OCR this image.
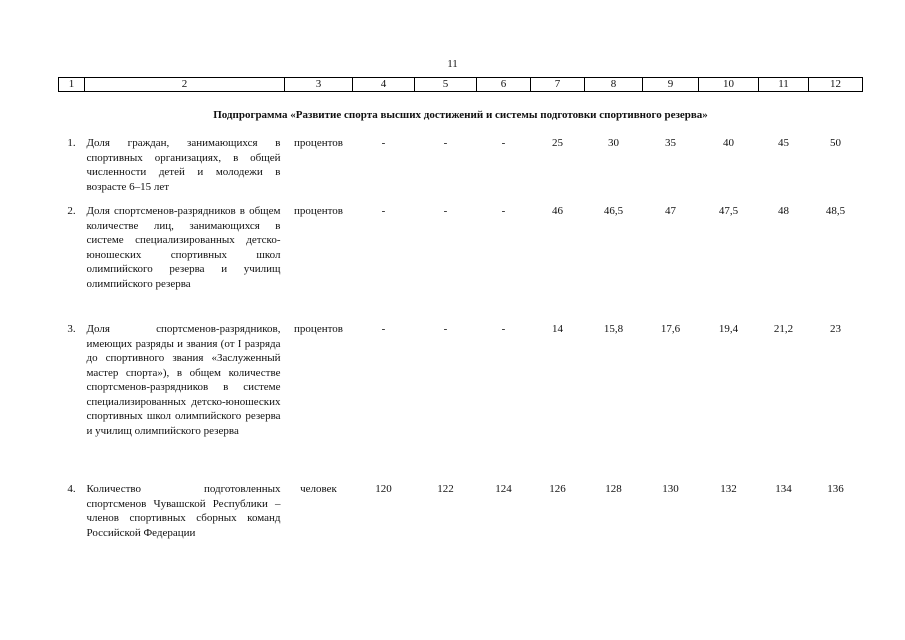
11
1	2	3	4	5	6	7	8	9	10	11	12
Подпрограмма «Развитие спорта высших достижений и системы подготовки спортивного резерва»											
1.	Доля граждан, занимающихся в спортивных организациях, в общей численности детей и молодежи в возрасте 6–15 лет	процентов	-	-	-	25	30	35	40	45	50
2.	Доля спортсменов-разрядников в общем количестве лиц, занимающихся в системе специализированных детско-юношеских спортивных школ олимпийского резерва и училищ олимпийского резерва	процентов	-	-	-	46	46,5	47	47,5	48	48,5
3.	Доля спортсменов-разрядников, имеющих разряды и звания (от I разряда до спортивного звания «Заслуженный мастер спорта»), в общем количестве спортсменов-разрядников в системе специализированных детско-юношеских спортивных школ олимпийского резерва и училищ олимпийского резерва	процентов	-	-	-	14	15,8	17,6	19,4	21,2	23
4.	Количество подготовленных спортсменов Чувашской Республики – членов спортивных сборных команд Российской Федерации	человек	120	122	124	126	128	130	132	134	136
